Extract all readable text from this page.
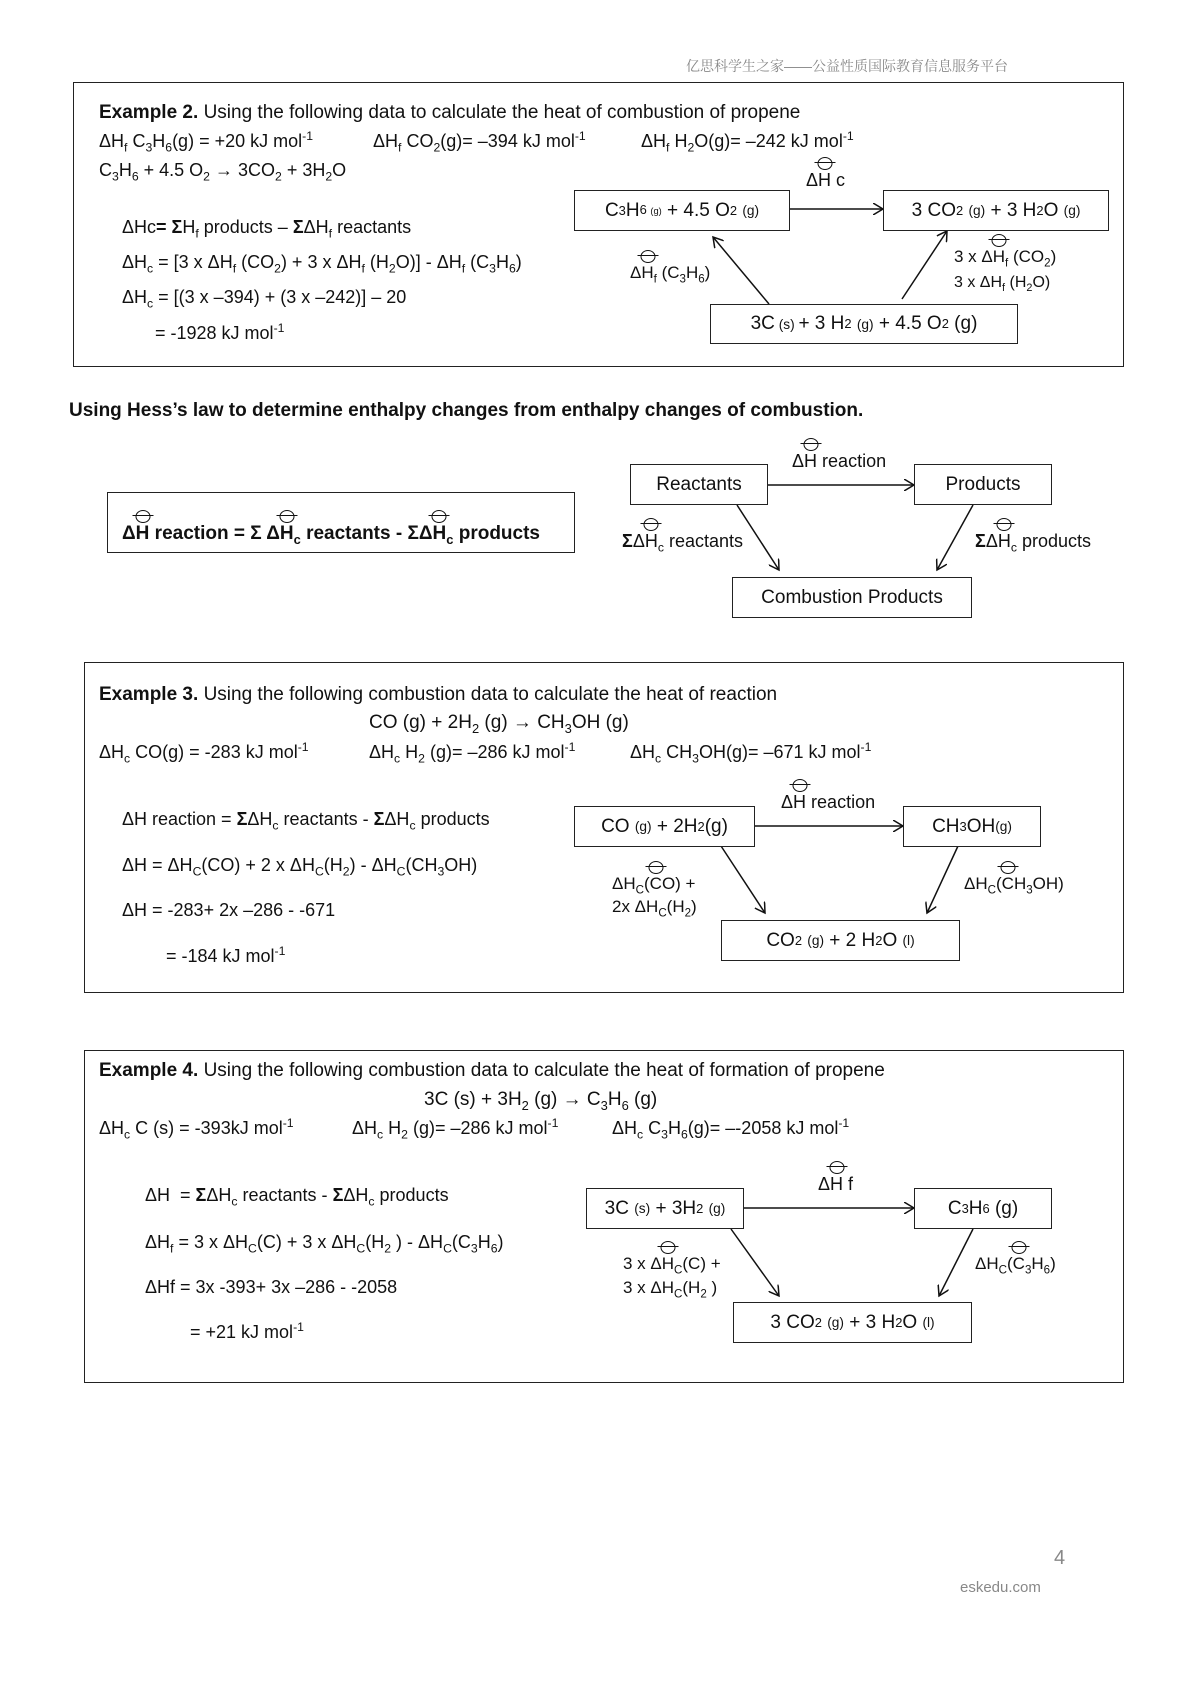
亿思科学生之家——公益性质国际教育信息服务平台
Example 2. Using the following data to calculate the heat of combustion of propene
$\Delta H_f$ $C_3H_6(g) = +20$ kJ mol$^{-1}$	$\Delta H_f$ $CO_2(g)= -394$ kJ mol$^{-1}$	$\Delta H_f$ $H_2O(g)= -242$ kJ mol$^{-1}$
$C_3H_6 + 4.5$ $O_2 \to 3CO_2 + 3H_2O$
$\Delta Hc= \Sigma H_f$ products – $\Sigma\Delta H_f$ reactants
$\Delta H_c = [3$ x $\Delta H_f$ $(CO_2) + 3$ x $\Delta H_f$ $(H_2O)] - \Delta H_f$ $(C_3H_6)$
$\Delta H_c = [(3$ x –394) + (3 x –242)] – 20
= -1928 kJ mol$^{-1}$
ΔH c
C 3 H 6 (g) + 4.5 O 2
(g)	3 CO 2
(g) + 3 H 2 O (g)
3C (s) + 3 H 2
(g) + 4.5 O 2 (g)
$\Delta H_f$ $(C_3H_6)$
3 x $\Delta H_f$ $(CO_2)$
3 x $\Delta H_f$ $(H_2O)$
Using Hess’s law to determine enthalpy changes from enthalpy changes of combustion.
ΔH reaction = Σ $\Delta H_c$ reactants - $\Sigma\Delta H_c$ products
ΔH reaction
Reactants	Products
Combustion Products
$\Sigma\Delta H_c$ reactants	$\Sigma\Delta H_c$ products
Example 3. Using the following combustion data to calculate the heat of reaction
CO $(g) + 2H_2$ $(g) \to CH_3OH$ (g)
$\Delta H_c$ CO(g) = -283 kJ mol$^{-1}$	$\Delta H_c$ $H_2$ (g)= –286 kJ mol$^{-1}$	$\Delta H_c$ $CH_3OH(g)= -671$ kJ mol$^{-1}$
ΔH reaction = $\Sigma\Delta H_c$ reactants - $\Sigma\Delta H_c$ products
$\Delta H = \Delta H_C(CO) + 2$ x $\Delta H_C(H_2) - \Delta H_C(CH_3OH)$
ΔH = -283+ 2x –286 - -671
= -184 kJ mol$^{-1}$
ΔH reaction
CO (g) + 2H 2 (g)	CH 3 OH (g)
CO 2
(g) + 2 H 2 O (l)
$\Delta H_C(CO)$ +
2x $\Delta H_C(H_2)$
$\Delta H_C(CH_3OH)$
Example 4. Using the following combustion data to calculate the heat of formation of propene
3C $(s) + 3H_2$ $(g) \to C_3H_6$ (g)
$\Delta H_c$ C (s) = -393kJ mol$^{-1}$	$\Delta H_c$ $H_2$ (g)= –286 kJ mol$^{-1}$	$\Delta H_c$ $C_3H_6(g)= --2058$ kJ mol$^{-1}$
$\Delta H = \Sigma\Delta H_c$ reactants - $\Sigma\Delta H_c$ products
$\Delta H_f = 3$ x $\Delta H_C(C) + 3$ x $\Delta H_C(H_2$ ) - $\Delta H_C(C_3H_6)$
ΔHf = 3x -393+ 3x –286 - -2058
= +21 kJ mol$^{-1}$
ΔH f
3C (s) + 3H 2
(g)	C 3 H 6 (g)
3 CO 2
(g) + 3 H 2 O (l)
3 x $\Delta H_C(C)$ +
3 x $\Delta H_C(H_2$ )
$\Delta H_C(C_3H_6)$
4
eskedu.com
